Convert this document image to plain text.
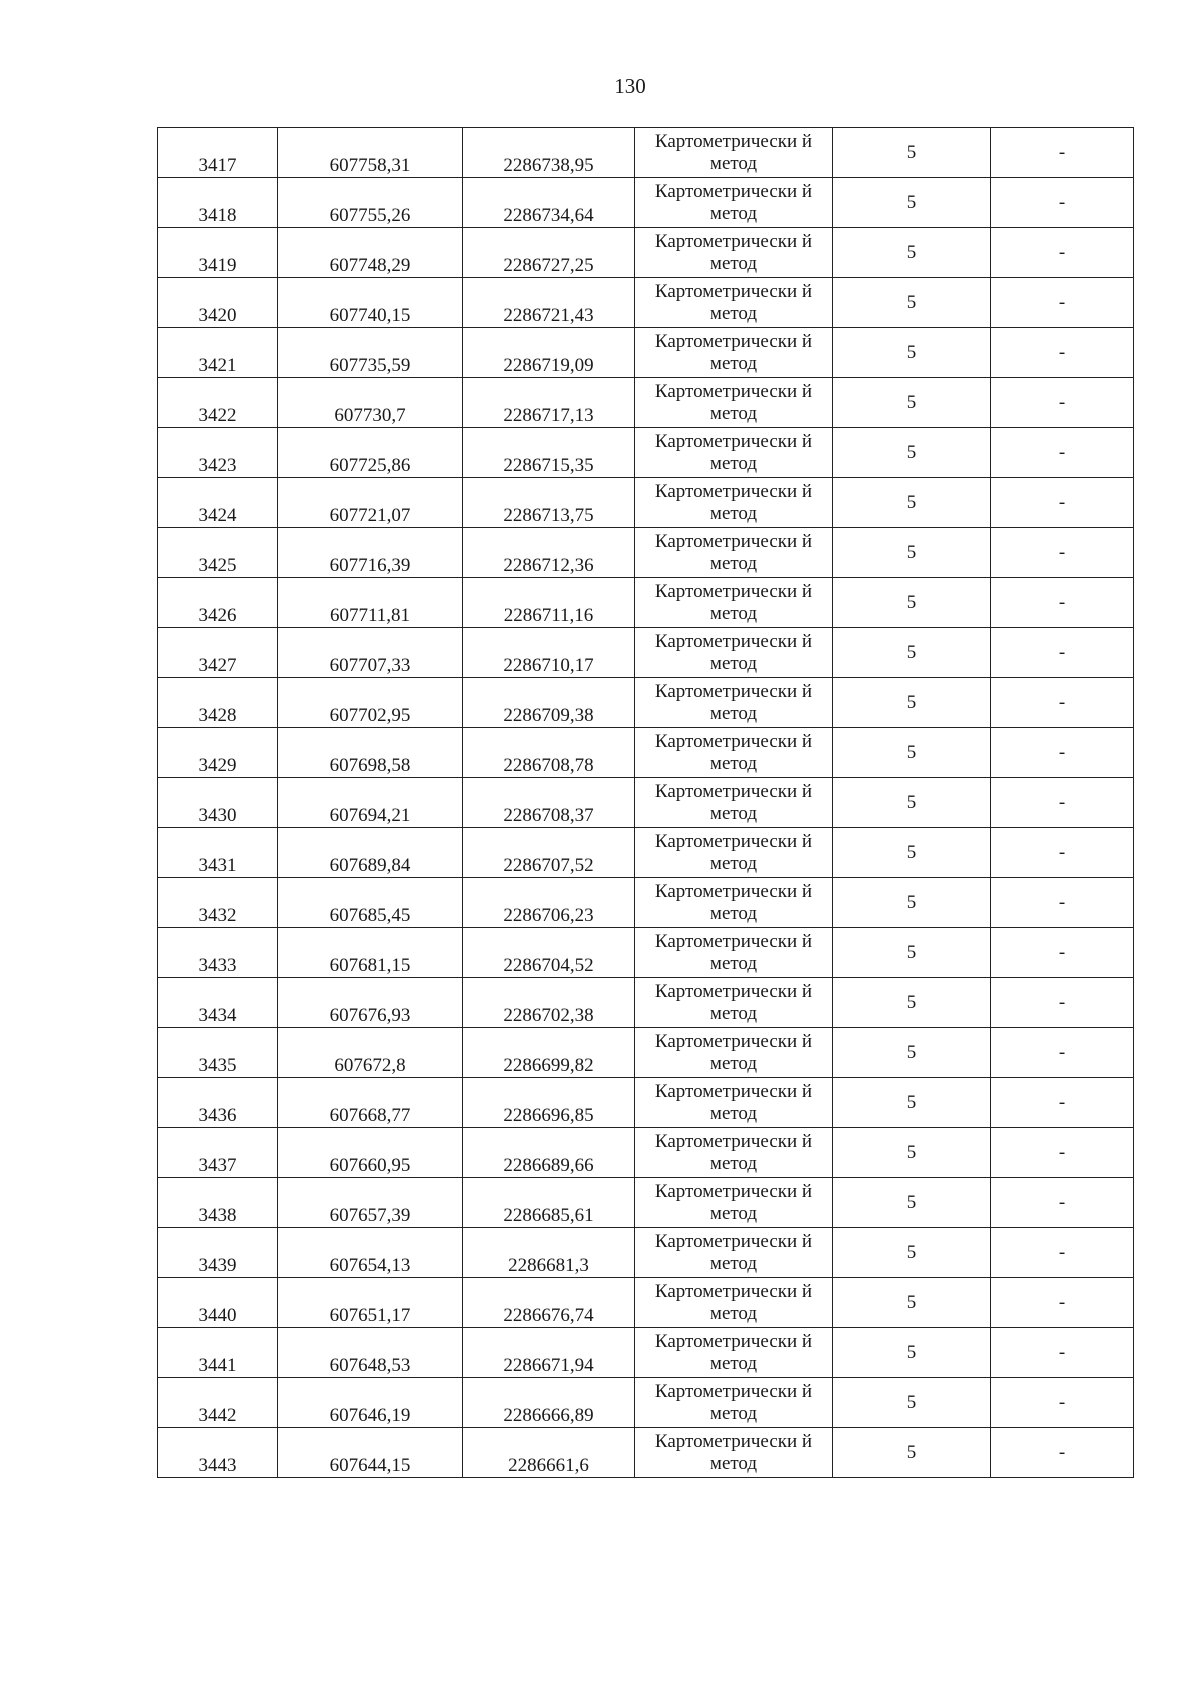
130
3417	607758,31	2286738,95	Картометрически й метод	5	-
3418	607755,26	2286734,64	Картометрически й метод	5	-
3419	607748,29	2286727,25	Картометрически й метод	5	-
3420	607740,15	2286721,43	Картометрически й метод	5	-
3421	607735,59	2286719,09	Картометрически й метод	5	-
3422	607730,7	2286717,13	Картометрически й метод	5	-
3423	607725,86	2286715,35	Картометрически й метод	5	-
3424	607721,07	2286713,75	Картометрически й метод	5	-
3425	607716,39	2286712,36	Картометрически й метод	5	-
3426	607711,81	2286711,16	Картометрически й метод	5	-
3427	607707,33	2286710,17	Картометрически й метод	5	-
3428	607702,95	2286709,38	Картометрически й метод	5	-
3429	607698,58	2286708,78	Картометрически й метод	5	-
3430	607694,21	2286708,37	Картометрически й метод	5	-
3431	607689,84	2286707,52	Картометрически й метод	5	-
3432	607685,45	2286706,23	Картометрически й метод	5	-
3433	607681,15	2286704,52	Картометрически й метод	5	-
3434	607676,93	2286702,38	Картометрически й метод	5	-
3435	607672,8	2286699,82	Картометрически й метод	5	-
3436	607668,77	2286696,85	Картометрически й метод	5	-
3437	607660,95	2286689,66	Картометрически й метод	5	-
3438	607657,39	2286685,61	Картометрически й метод	5	-
3439	607654,13	2286681,3	Картометрически й метод	5	-
3440	607651,17	2286676,74	Картометрически й метод	5	-
3441	607648,53	2286671,94	Картометрически й метод	5	-
3442	607646,19	2286666,89	Картометрически й метод	5	-
3443	607644,15	2286661,6	Картометрически й метод	5	-
